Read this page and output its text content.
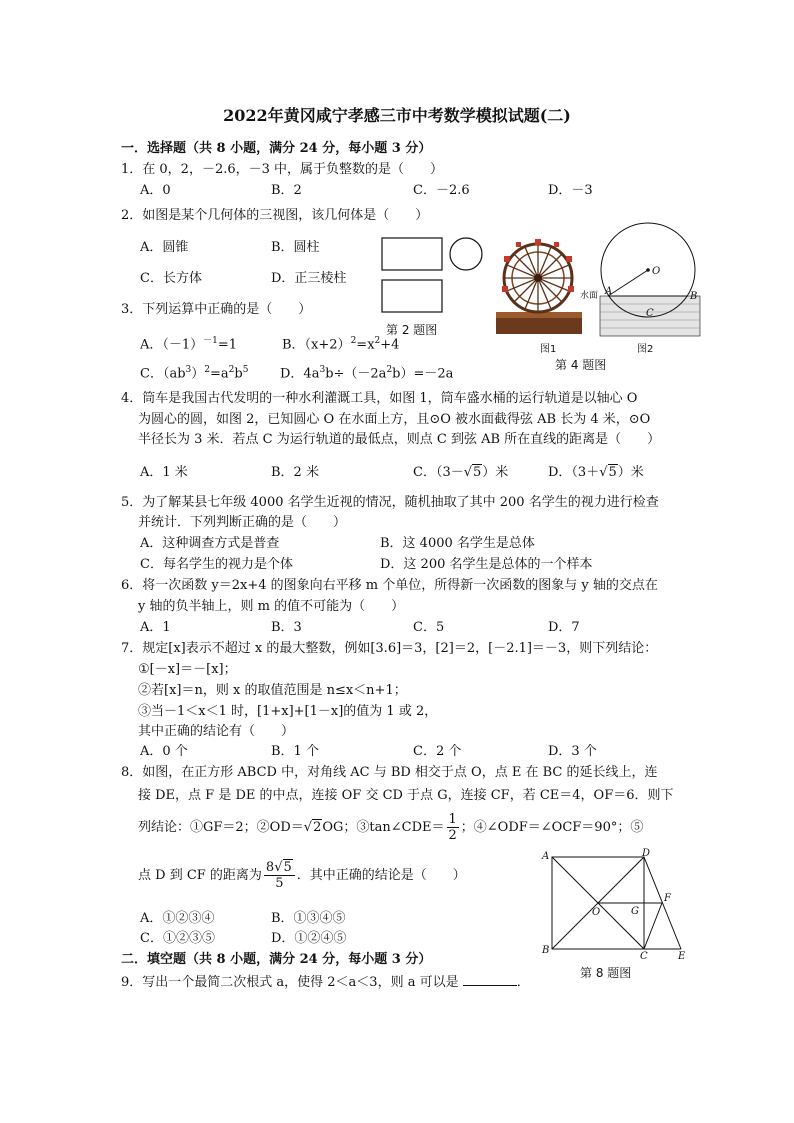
2022年黄冈咸宁孝感三市中考数学模拟试题(二)
一．选择题（共 8 小题，满分 24 分，每小题 3 分）
1．在 0，2，－2.6，－3 中，属于负整数的是（　　）
A．0	B．2	C．－2.6	D．－3
2．如图是某个几何体的三视图，该几何体是（　　）
A．圆锥	B．圆柱
C．长方体	D．正三棱柱
第 2 题图
3．下列运算中正确的是（　　）
A．$(-1)^{-1}=1$	B．$(x+2)^2=x^2+4$
C．$(ab^3)^2=a^2b^5$ D．$4a^3b\div(-2a^2b)=-2a$
图1
O
A	B
C
水面
图2
第 4 题图
4．筒车是我国古代发明的一种水利灌溉工具，如图 1，筒车盛水桶的运行轨道是以轴心 O
为圆心的圆，如图 2，已知圆心 O 在水面上方，且⊙O 被水面截得弦 AB 长为 4 米，⊙O
半径长为 3 米．若点 C 为运行轨道的最低点，则点 C 到弦 AB 所在直线的距离是（　　）
A．1 米	B．2 米	C．（3－√5）米	D．（3＋√5）米
5．为了解某县七年级 4000 名学生近视的情况，随机抽取了其中 200 名学生的视力进行检查
并统计．下列判断正确的是（　　）
A．这种调查方式是普查	B．这 4000 名学生是总体
C．每名学生的视力是个体	D．这 200 名学生是总体的一个样本
6．将一次函数 y＝2x+4 的图象向右平移 m 个单位，所得新一次函数的图象与 y 轴的交点在
y 轴的负半轴上，则 m 的值不可能为（　　）
A．1	B．3	C．5	D．7
7．规定[x]表示不超过 x 的最大整数，例如[3.6]＝3，[2]＝2，[－2.1]＝－3，则下列结论：
①[－x]＝－[x]；
②若[x]＝n，则 x 的取值范围是 n≤x＜n+1；
③当－1＜x＜1 时，[1+x]+[1－x]的值为 1 或 2，
其中正确的结论有（　　）
A．0 个	B．1 个	C．2 个	D．3 个
8．如图，在正方形 ABCD 中，对角线 AC 与 BD 相交于点 O，点 E 在 BC 的延长线上，连
接 DE，点 F 是 DE 的中点，连接 OF 交 CD 于点 G，连接 CF，若 CE＝4，OF＝6．则下
列结论：①GF＝2；②OD＝√2OG；③tan∠CDE＝ $\frac{1}{2}$ ；④∠ODF＝∠OCF＝90°；⑤
点 D 到 CF 的距离为 $\frac{8√5}{5}$ ．其中正确的结论是（　　）
A．①②③④	B．①③④⑤
C．①②③⑤	D．①②④⑤
A
B
C
D
E
F
G
O
第 8 题图
二．填空题（共 8 小题，满分 24 分，每小题 3 分）
9．写出一个最简二次根式 a，使得 2＜a＜3，则 a 可以是	．
